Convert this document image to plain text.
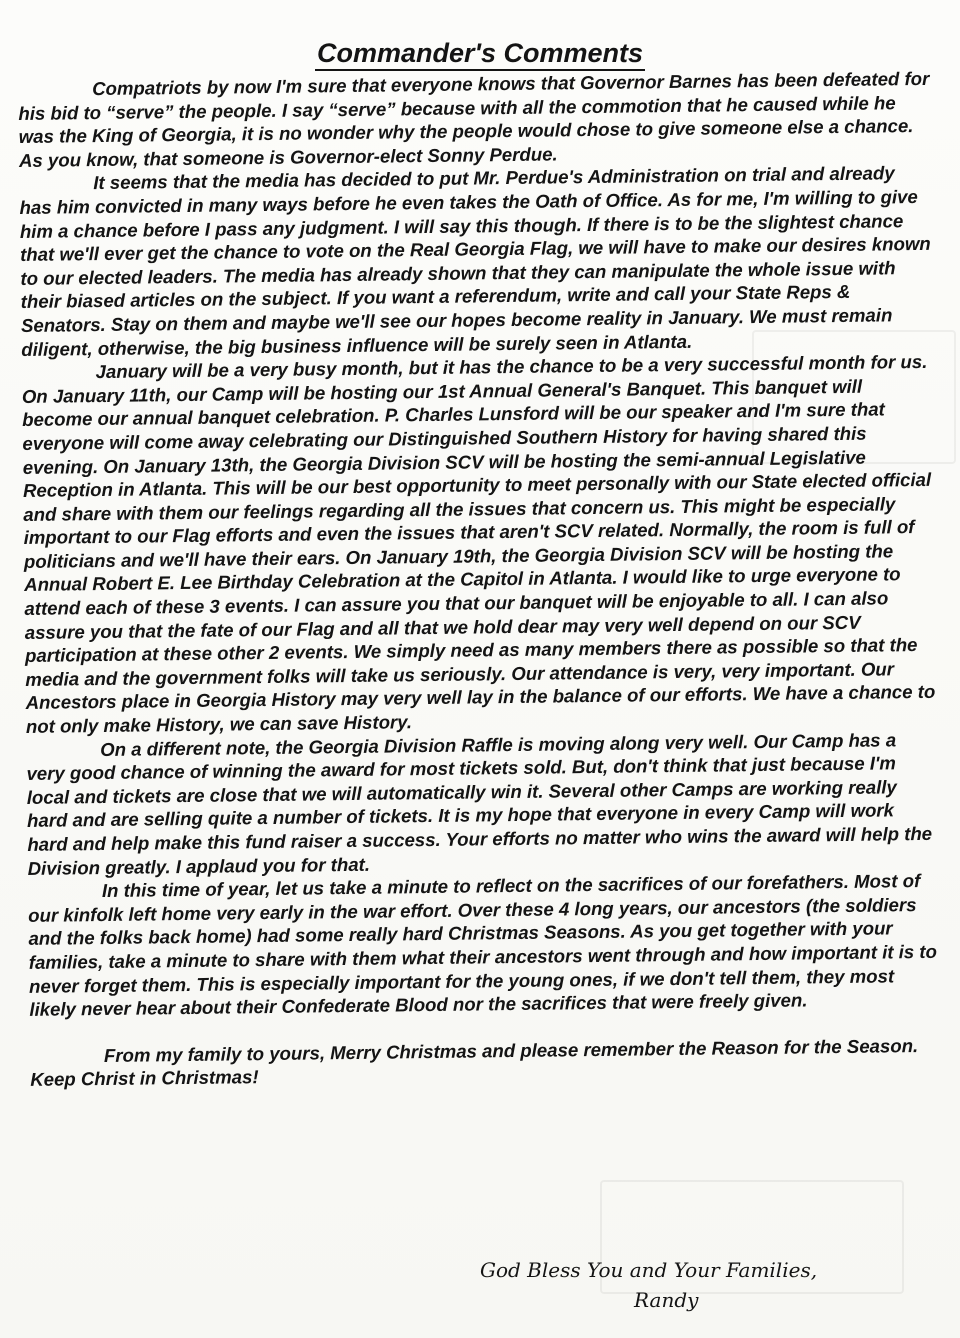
Commander's Comments

Compatriots by now I'm sure that everyone knows that Governor Barnes has been defeated for his bid to “serve” the people. I say “serve” because with all the commotion that he caused while he was the King of Georgia, it is no wonder why the people would chose to give someone else a chance. As you know, that someone is Governor-elect Sonny Perdue.

It seems that the media has decided to put Mr. Perdue's Administration on trial and already has him convicted in many ways before he even takes the Oath of Office. As for me, I'm willing to give him a chance before I pass any judgment. I will say this though. If there is to be the slightest chance that we'll ever get the chance to vote on the Real Georgia Flag, we will have to make our desires known to our elected leaders. The media has already shown that they can manipulate the whole issue with their biased articles on the subject. If you want a referendum, write and call your State Reps & Senators. Stay on them and maybe we'll see our hopes become reality in January. We must remain diligent, otherwise, the big business influence will be surely seen in Atlanta.

January will be a very busy month, but it has the chance to be a very successful month for us. On January 11th, our Camp will be hosting our 1st Annual General's Banquet. This banquet will become our annual banquet celebration. P. Charles Lunsford will be our speaker and I'm sure that everyone will come away celebrating our Distinguished Southern History for having shared this evening. On January 13th, the Georgia Division SCV will be hosting the semi-annual Legislative Reception in Atlanta. This will be our best opportunity to meet personally with our State elected official and share with them our feelings regarding all the issues that concern us. This might be especially important to our Flag efforts and even the issues that aren't SCV related. Normally, the room is full of politicians and we'll have their ears. On January 19th, the Georgia Division SCV will be hosting the Annual Robert E. Lee Birthday Celebration at the Capitol in Atlanta. I would like to urge everyone to attend each of these 3 events. I can assure you that our banquet will be enjoyable to all. I can also assure you that the fate of our Flag and all that we hold dear may very well depend on our SCV participation at these other 2 events. We simply need as many members there as possible so that the media and the government folks will take us seriously. Our attendance is very, very important. Our Ancestors place in Georgia History may very well lay in the balance of our efforts. We have a chance to not only make History, we can save History.

On a different note, the Georgia Division Raffle is moving along very well. Our Camp has a very good chance of winning the award for most tickets sold. But, don't think that just because I'm local and tickets are close that we will automatically win it. Several other Camps are working really hard and are selling quite a number of tickets. It is my hope that everyone in every Camp will work hard and help make this fund raiser a success. Your efforts no matter who wins the award will help the Division greatly. I applaud you for that.

In this time of year, let us take a minute to reflect on the sacrifices of our forefathers. Most of our kinfolk left home very early in the war effort. Over these 4 long years, our ancestors (the soldiers and the folks back home) had some really hard Christmas Seasons. As you get together with your families, take a minute to share with them what their ancestors went through and how important it is to never forget them. This is especially important for the young ones, if we don't tell them, they most likely never hear about their Confederate Blood nor the sacrifices that were freely given.

From my family to yours, Merry Christmas and please remember the Reason for the Season. Keep Christ in Christmas!

God Bless You and Your Families,
Randy
